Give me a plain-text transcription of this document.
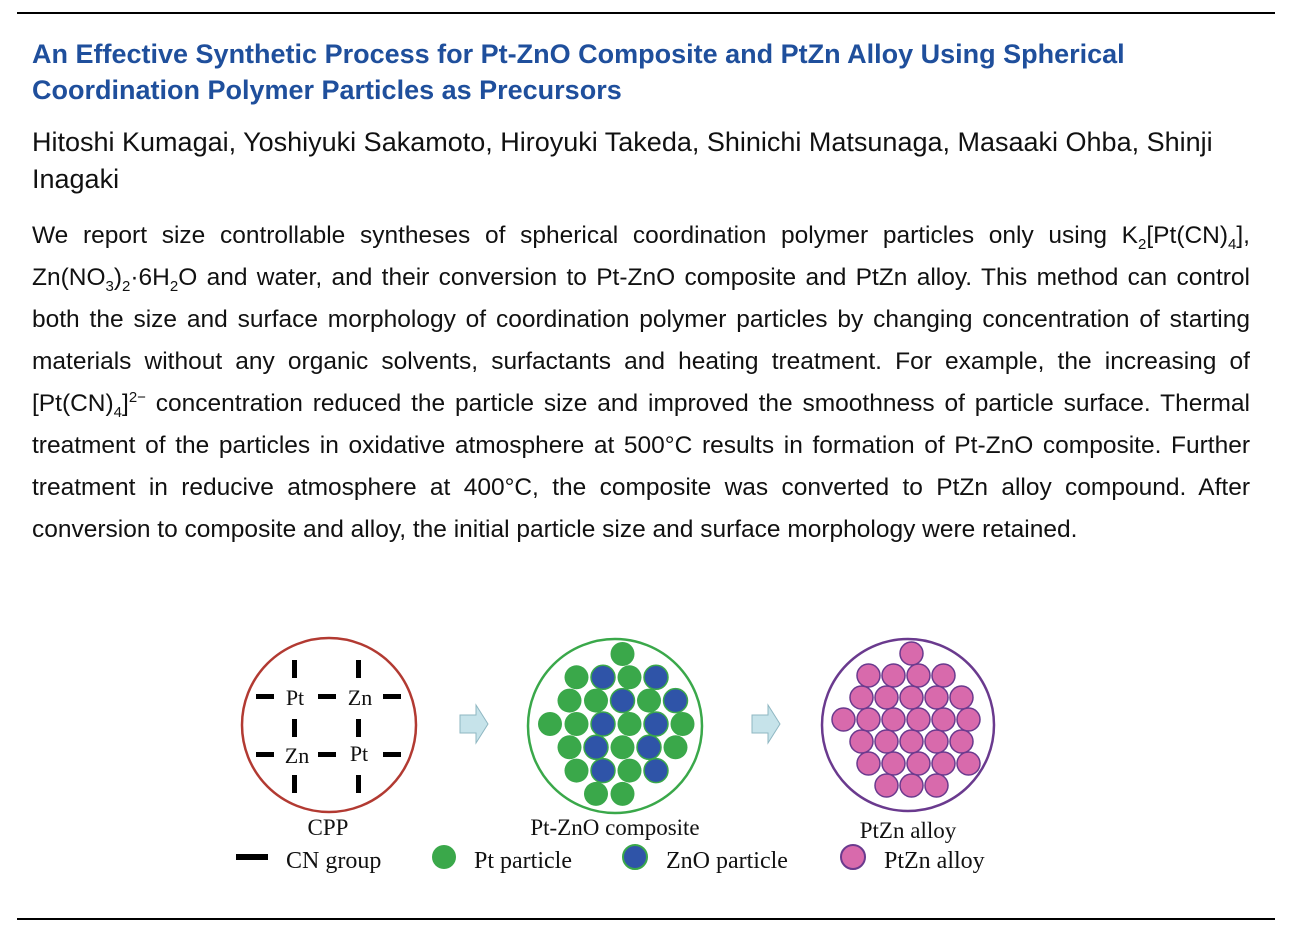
An Effective Synthetic Process for Pt-ZnO Composite and PtZn Alloy Using Spherical Coordination Polymer Particles as Precursors

Hitoshi Kumagai, Yoshiyuki Sakamoto, Hiroyuki Takeda, Shinichi Matsunaga, Masaaki Ohba, Shinji Inagaki

We report size controllable syntheses of spherical coordination polymer particles only using $K_2[Pt(CN)_4]$, $Zn(NO_3)_2\cdot 6H_2O$ and water, and their conversion to Pt-ZnO composite and PtZn alloy. This method can control both the size and surface morphology of coordination polymer particles by changing concentration of starting materials without any organic solvents, surfactants and heating treatment. For example, the increasing of $[Pt(CN)_4]^{2-}$ concentration reduced the particle size and improved the smoothness of particle surface. Thermal treatment of the particles in oxidative atmosphere at 500°C results in formation of Pt-ZnO composite. Further treatment in reducive atmosphere at 400°C, the composite was converted to PtZn alloy compound. After conversion to composite and alloy, the initial particle size and surface morphology were retained.

Pt Zn
Zn Pt
CPP	Pt-ZnO composite	PtZn alloy
CN group	Pt particle	ZnO particle	PtZn alloy
